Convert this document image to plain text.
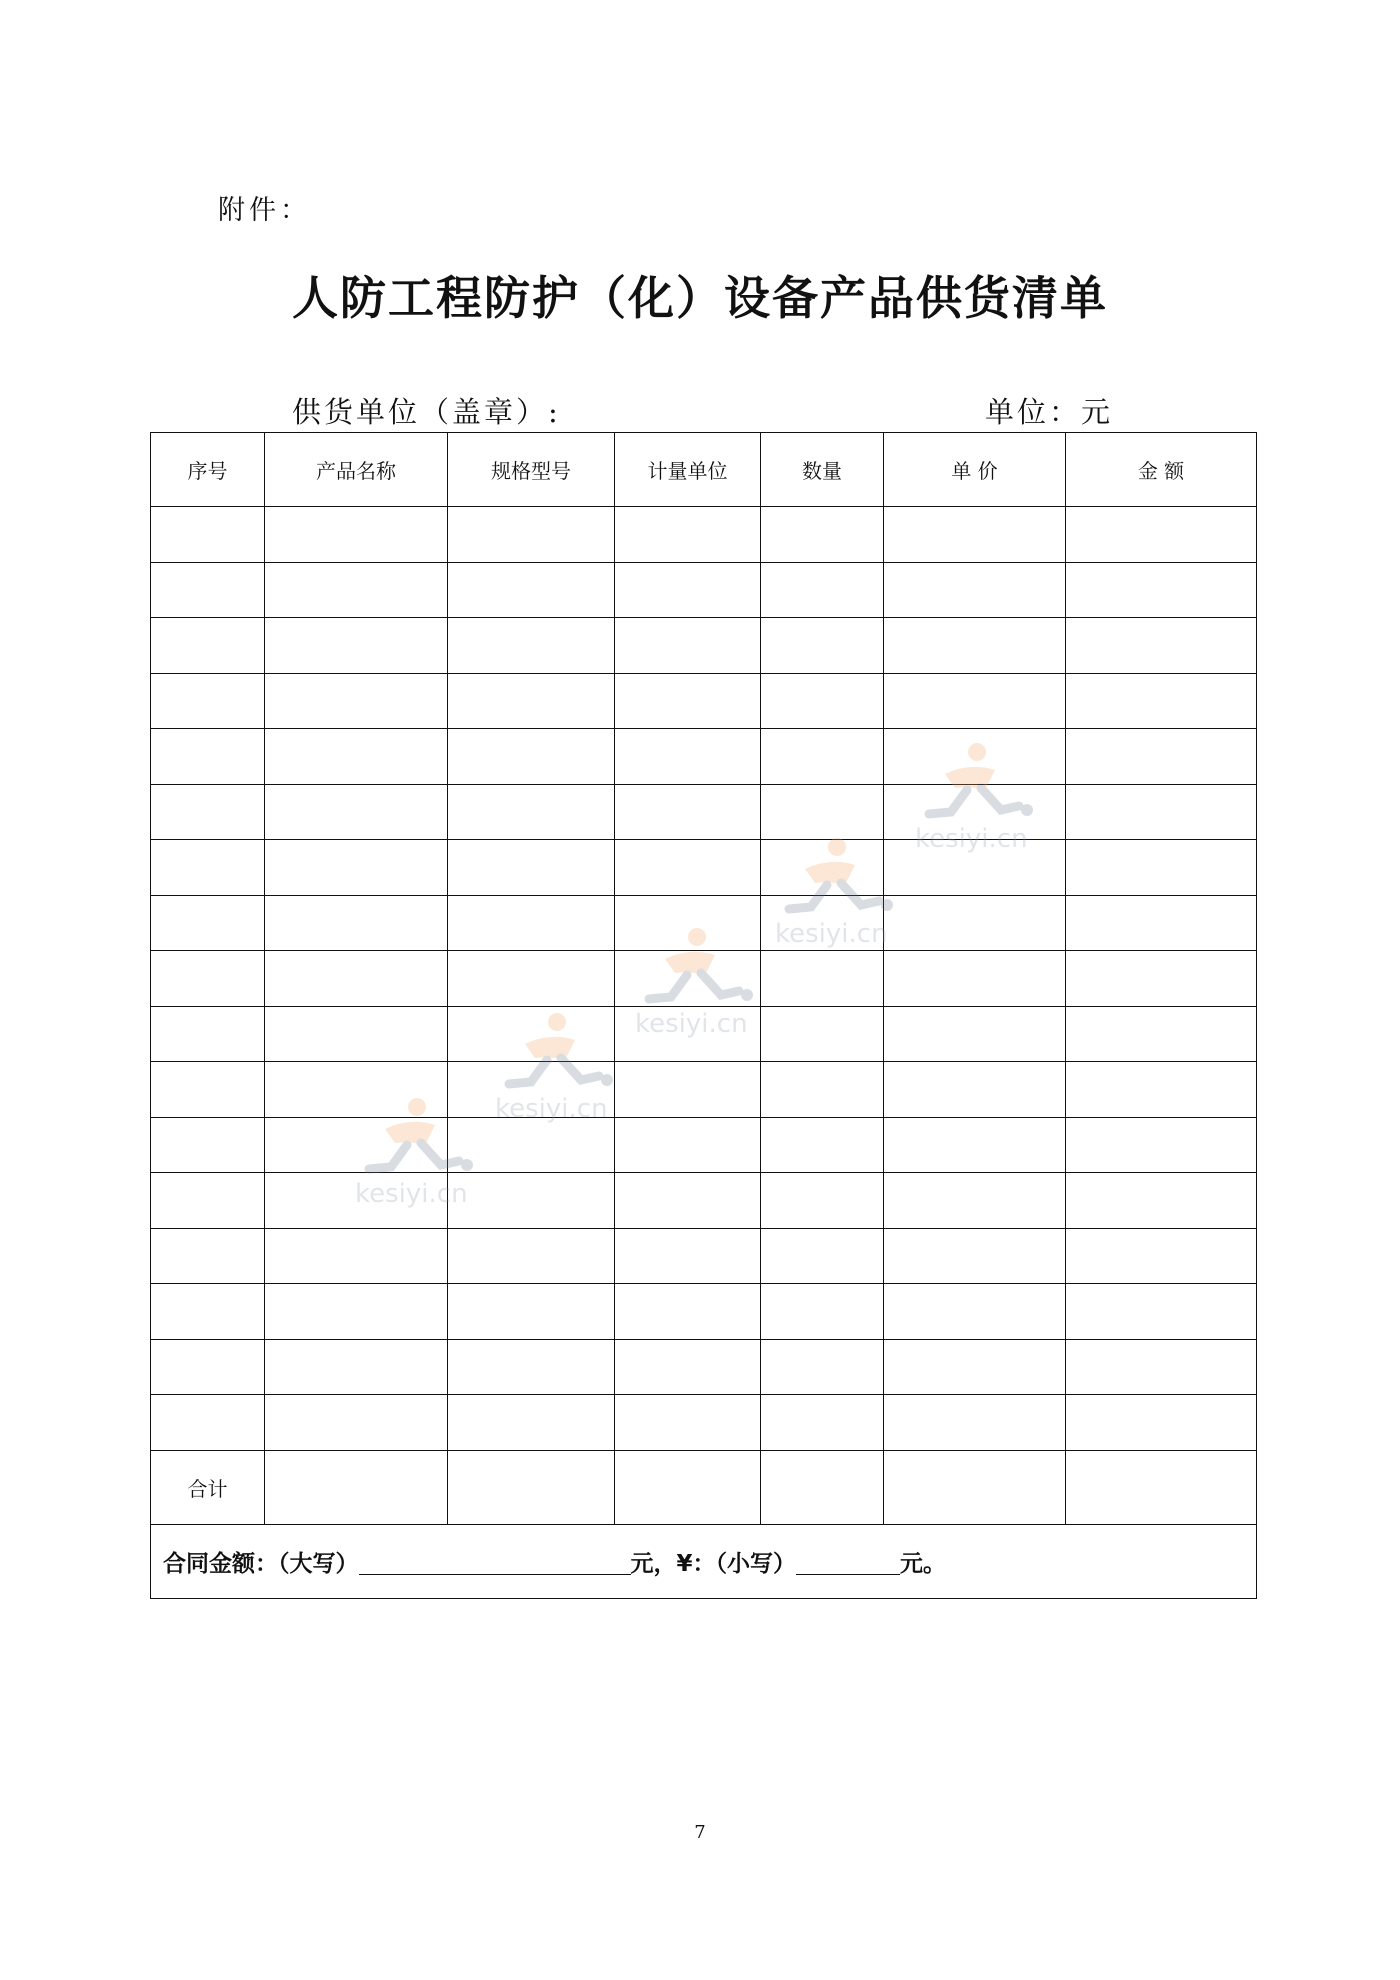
附件：
人防工程防护（化）设备产品供货清单
供货单位（盖章）:	单位：元
序号	产品名称	规格型号	计量单位	数量	单 价	金 额

合计						
合同金额：（大写） 元，¥：（小写） 元。						
kesiyi.cn
kesiyi.cn
kesiyi.cn
kesiyi.cn
kesiyi.cn
7
